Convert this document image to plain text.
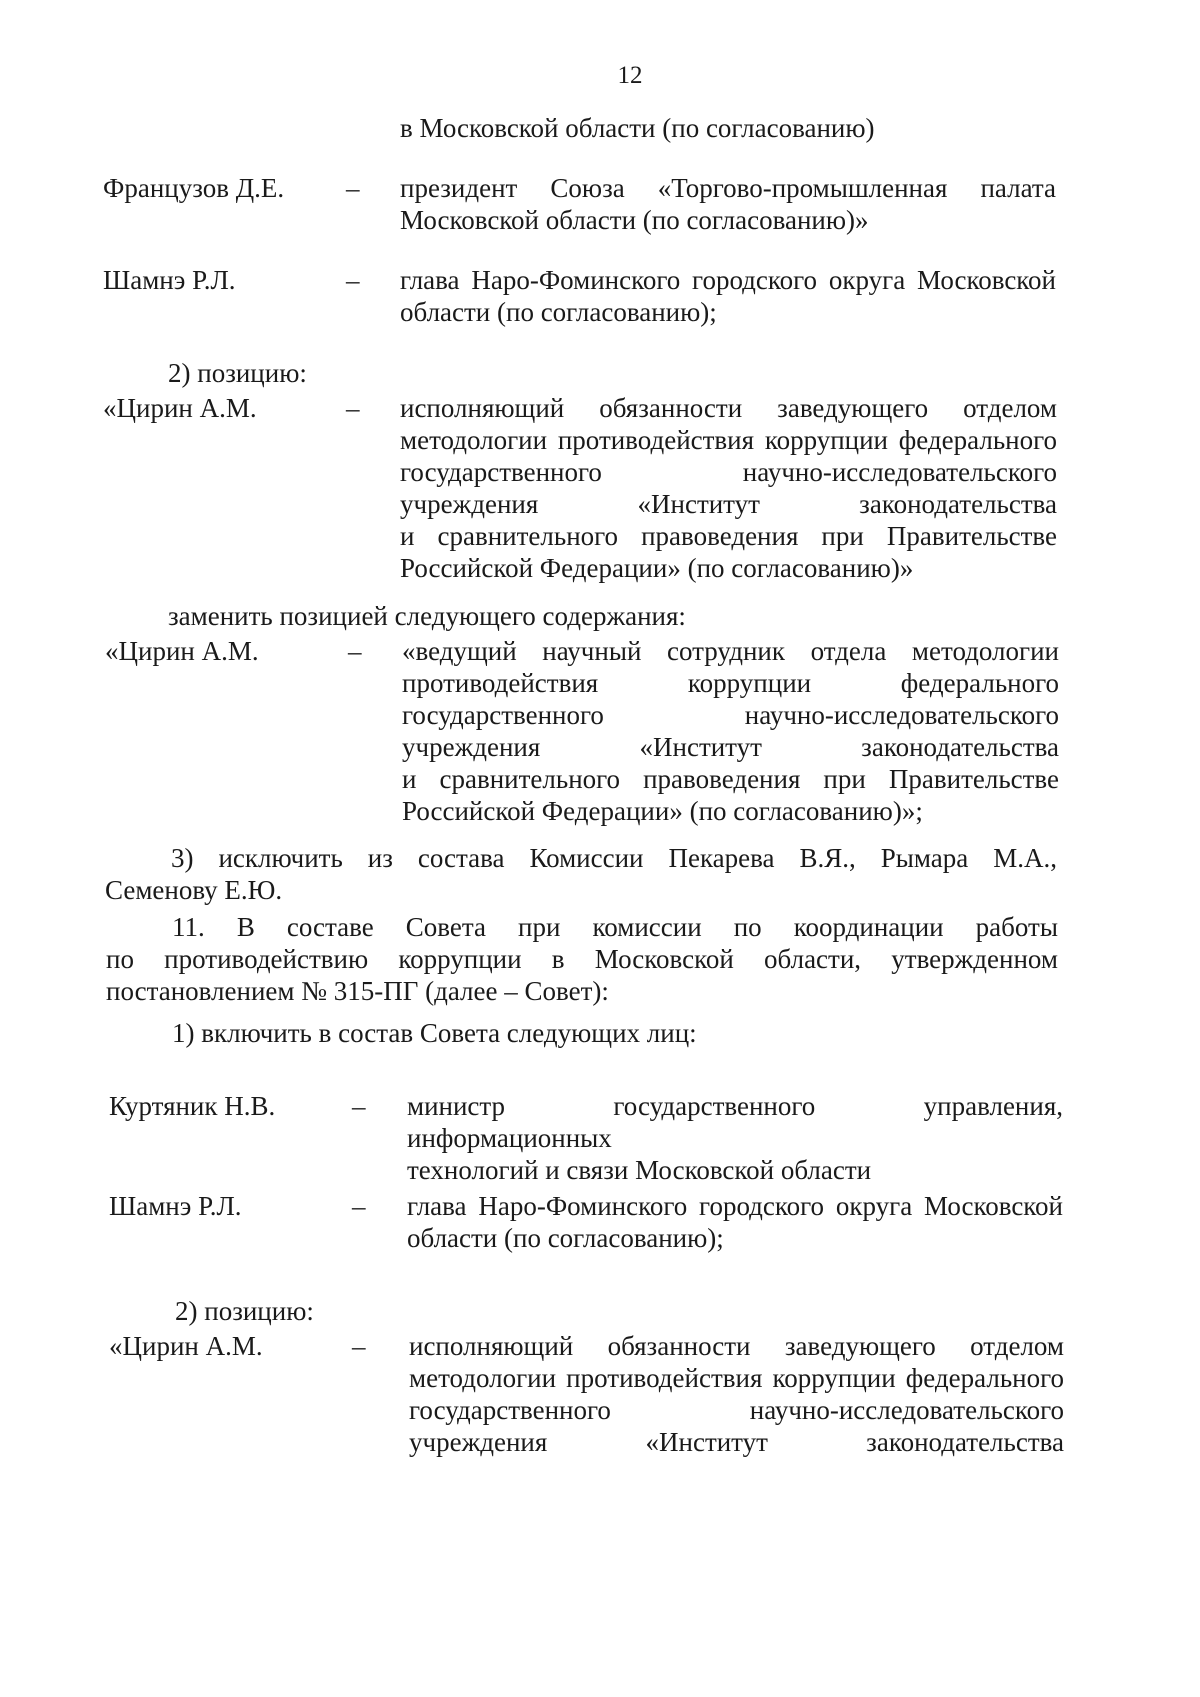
12
в Московской области (по согласованию)
Французов Д.Е. – президент Союза «Торгово-промышленная палата
Московской области (по согласованию)»
Шамнэ Р.Л.	– глава Наро-Фоминского городского округа Московской
области (по согласованию);
2) позицию:
«Цирин А.М.	– исполняющий обязанности заведующего отделом
методологии противодействия коррупции федерального
государственного научно-исследовательского
учреждения «Институт законодательства
и сравнительного правоведения при Правительстве
Российской Федерации» (по согласованию)»
заменить позицией следующего содержания:
«Цирин А.М.	– «ведущий научный сотрудник отдела методологии
противодействия коррупции федерального
государственного научно-исследовательского
учреждения «Институт законодательства
и сравнительного правоведения при Правительстве
Российской Федерации» (по согласованию)»;
3) исключить из состава Комиссии Пекарева В.Я., Рымара М.А.,
Семенову Е.Ю.
11. В составе Совета при комиссии по координации работы
по противодействию коррупции в Московской области, утвержденном
постановлением № 315-ПГ (далее – Совет):
1) включить в состав Совета следующих лиц:
Куртяник Н.В.	– министр государственного управления, информационных
технологий и связи Московской области
Шамнэ Р.Л.	– глава Наро-Фоминского городского округа Московской
области (по согласованию);
2) позицию:
«Цирин А.М.	– исполняющий обязанности заведующего отделом
методологии противодействия коррупции федерального
государственного научно-исследовательского
учреждения «Институт законодательства
